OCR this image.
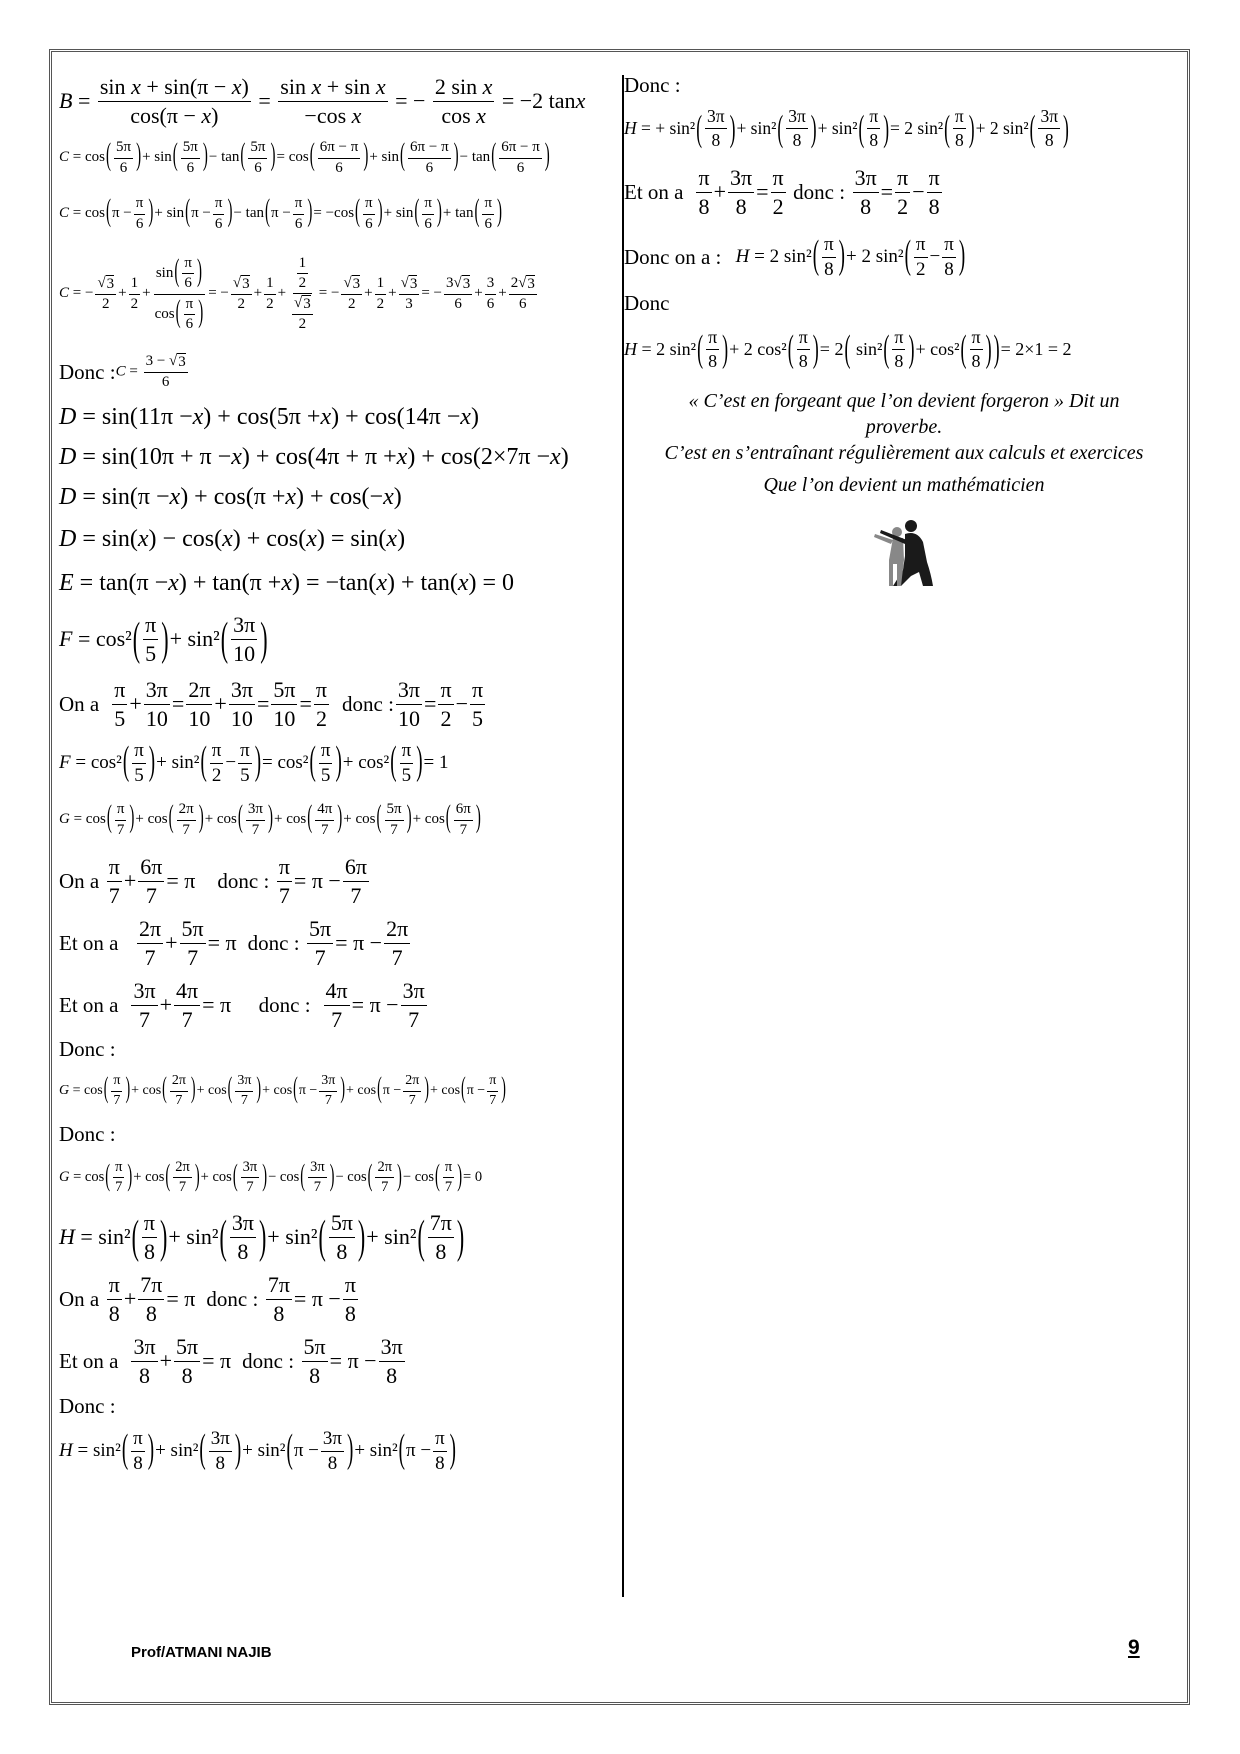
B =
sin x + sin(π − x)
cos(π − x)
=
sin x + sin x
−cos x
= −
2 sin x
cos x
= −2 tan x
C = cos ( 5π
6 ) + sin ( 5π
6 ) − tan ( 5π
6 ) = cos ( 6π − π
6 ) + sin ( 6π − π
6 ) − tan ( 6π − π
6 )
C = cos ( π −
π
6 ) + sin ( π −
π
6 ) − tan ( π −
π
6 ) = −cos ( π
6 ) + sin ( π
6 ) + tan ( π
6 )
C = −
√ 3
2
+
1
2
+
sin ( π
6 )
cos ( π
6 )
= −
√ 3
2
+
1
2
+
$\frac{1}{2}$
$\frac{√ 3}{2}$
= −
√ 3
2
+
1
2
+
√ 3
3
= −
3√ 3
6
+
3
6
+
2√ 3
6
Donc : $C = \frac{3 - √ 3}{6}$
D = sin(11π − x ) + cos(5π + x ) + cos(14π − x )
D = sin(10π + π − x ) + cos(4π + π + x ) + cos(2×7π − x )
D = sin(π − x ) + cos(π + x ) + cos(− x )
D = sin( x ) − cos( x ) + cos( x ) = sin( x )
E = tan(π − x ) + tan(π + x ) = −tan( x ) + tan( x ) = 0
F = cos² ( π
5 ) + sin² ( 3π
10 )
On a

π
5
+
3π
10
=
2π
10
+
3π
10
=
5π
10
=
π
2

donc :
3π
10
=
π
2
−
π
5
F = cos² ( π
5 ) + sin² ( π
2
−
π
5 ) = cos² ( π
5 ) + cos² ( π
5 ) = 1
G = cos ( π
7 ) + cos ( 2π
7 ) + cos ( 3π
7 ) + cos ( 4π
7 ) + cos ( 5π
7 ) + cos ( 6π
7 )
On a

π
7
+
6π
7
= π donc :

π
7
= π −
6π
7
Et on a

2π
7
+
5π
7
= π donc :

5π
7
= π −
2π
7
Et on a

3π
7
+
4π
7
= π donc :

4π
7
= π −
3π
7
Donc :
G = cos ( π
7 ) + cos ( 2π
7 ) + cos ( 3π
7 ) + cos ( π −
3π
7 ) + cos ( π −
2π
7 ) + cos ( π −
π
7 )
Donc :
G = cos ( π
7 ) + cos ( 2π
7 ) + cos ( 3π
7 ) − cos ( 3π
7 ) − cos ( 2π
7 ) − cos ( π
7 ) = 0
H = sin² ( π
8 ) + sin² ( 3π
8 ) + sin² ( 5π
8 ) + sin² ( 7π
8 )
On a

π
8
+
7π
8
= π donc :

7π
8
= π −
π
8
Et on a

3π
8
+
5π
8
= π donc :

5π
8
= π −
3π
8
Donc :
H = sin² ( π
8 ) + sin² ( 3π
8 ) + sin² ( π −
3π
8 ) + sin² ( π −
π
8 )
Donc :
H = + sin² ( 3π
8 ) + sin² ( 3π
8 ) + sin² ( π
8 ) = 2 sin² ( π
8 ) + 2 sin² ( 3π
8 )
Et on a

π
8
+
3π
8
=
π
2

donc :

3π
8
=
π
2
−
π
8
Donc on a :
H = 2 sin² ( π
8 ) + 2 sin² ( π
2
−
π
8 )
Donc
H = 2 sin² ( π
8 ) + 2 cos² ( π
8 ) = 2 ( sin² ( π
8 ) + cos² ( π
8 ) ) = 2×1 = 2
« C’est en forgeant que l’on devient forgeron » Dit un
proverbe.
C’est en s’entraînant régulièrement aux calculs et exercices
Que l’on devient un mathématicien
Prof/ATMANI NAJIB	9
